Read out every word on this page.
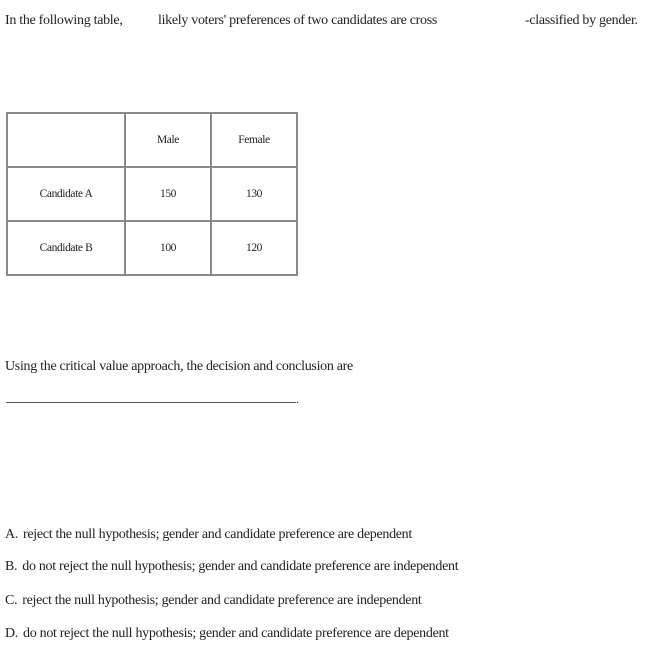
In the following table,	likely voters' preferences of two candidates are cross	-classified by gender.
	Male	Female
Candidate A	150	130
Candidate B	100	120
Using the critical value approach, the decision and conclusion are
.
A. reject the null hypothesis; gender and candidate preference are dependent
B. do not reject the null hypothesis; gender and candidate preference are independent
C. reject the null hypothesis; gender and candidate preference are independent
D. do not reject the null hypothesis; gender and candidate preference are dependent
